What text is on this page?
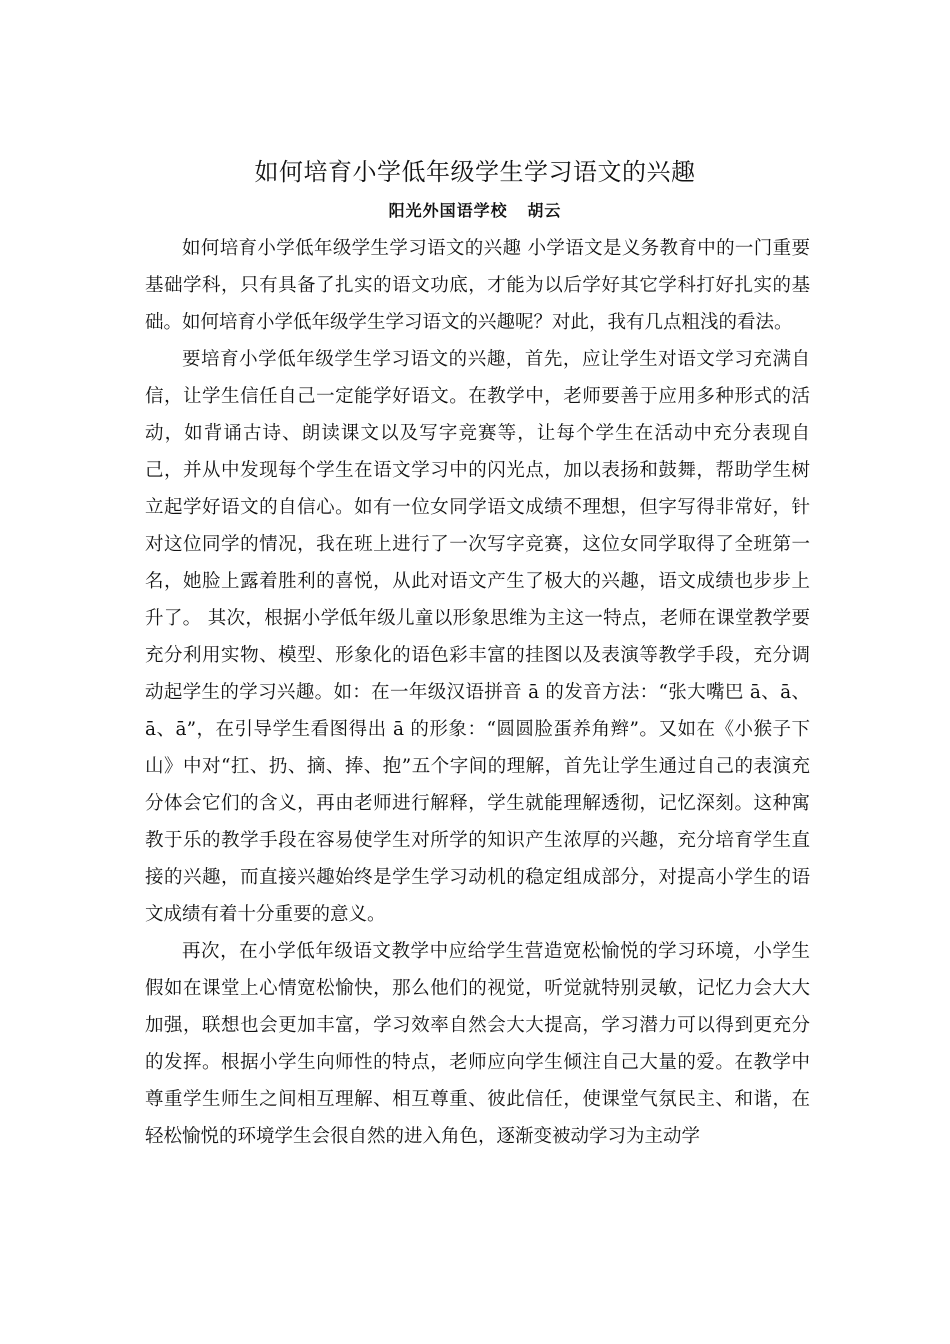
如何培育小学低年级学生学习语文的兴趣
阳光外国语学校   胡云

如何培育小学低年级学生学习语文的兴趣 小学语文是义务教育中的一门重要基础学科，只有具备了扎实的语文功底，才能为以后学好其它学科打好扎实的基础。如何培育小学低年级学生学习语文的兴趣呢？对此，我有几点粗浅的看法。

要培育小学低年级学生学习语文的兴趣，首先，应让学生对语文学习充满自信，让学生信任自己一定能学好语文。在教学中，老师要善于应用多种形式的活动，如背诵古诗、朗读课文以及写字竞赛等，让每个学生在活动中充分表现自己，并从中发现每个学生在语文学习中的闪光点，加以表扬和鼓舞，帮助学生树立起学好语文的自信心。如有一位女同学语文成绩不理想，但字写得非常好，针对这位同学的情况，我在班上进行了一次写字竞赛，这位女同学取得了全班第一名，她脸上露着胜利的喜悦，从此对语文产生了极大的兴趣，语文成绩也步步上升了。 其次，根据小学低年级儿童以形象思维为主这一特点，老师在课堂教学要充分利用实物、模型、形象化的语色彩丰富的挂图以及表演等教学手段，充分调动起学生的学习兴趣。如：在一年级汉语拼音 ā 的发音方法：“张大嘴巴 ā、ā、ā、ā”，在引导学生看图得出 ā 的形象：“圆圆脸蛋养角辫”。又如在《小猴子下山》中对“扛、扔、摘、捧、抱”五个字间的理解，首先让学生通过自己的表演充分体会它们的含义，再由老师进行解释，学生就能理解透彻，记忆深刻。这种寓教于乐的教学手段在容易使学生对所学的知识产生浓厚的兴趣，充分培育学生直接的兴趣，而直接兴趣始终是学生学习动机的稳定组成部分，对提高小学生的语文成绩有着十分重要的意义。

再次，在小学低年级语文教学中应给学生营造宽松愉悦的学习环境，小学生假如在课堂上心情宽松愉快，那么他们的视觉，听觉就特别灵敏，记忆力会大大加强，联想也会更加丰富，学习效率自然会大大提高，学习潜力可以得到更充分的发挥。根据小学生向师性的特点，老师应向学生倾注自己大量的爱。在教学中尊重学生师生之间相互理解、相互尊重、彼此信任，使课堂气氛民主、和谐，在轻松愉悦的环境学生会很自然的进入角色，逐渐变被动学习为主动学
